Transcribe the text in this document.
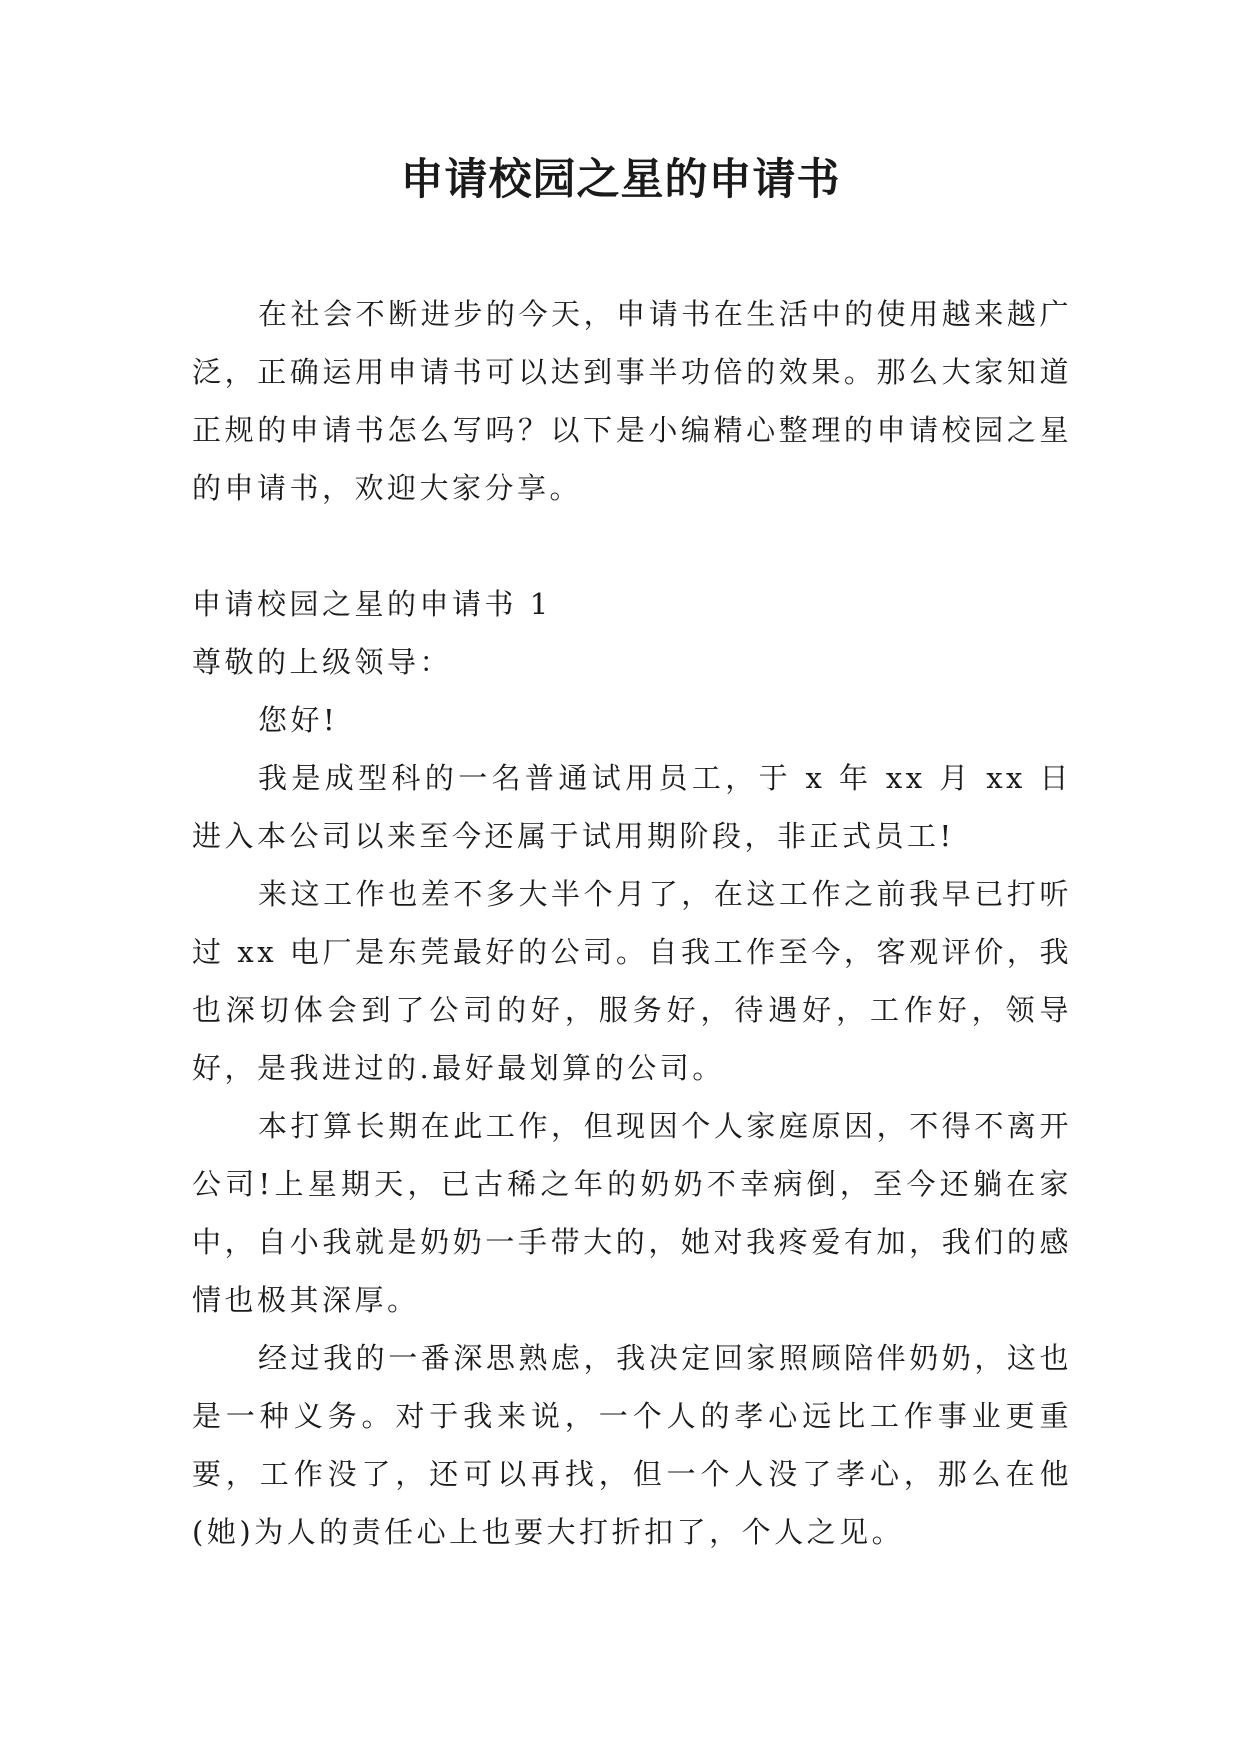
申请校园之星的申请书

在社会不断进步的今天，申请书在生活中的使用越来越广泛，正确运用申请书可以达到事半功倍的效果。那么大家知道正规的申请书怎么写吗？以下是小编精心整理的申请校园之星的申请书，欢迎大家分享。

申请校园之星的申请书 1

尊敬的上级领导：

您好!

我是成型科的一名普通试用员工，于 x 年 xx 月 xx 日进入本公司以来至今还属于试用期阶段，非正式员工!

来这工作也差不多大半个月了，在这工作之前我早已打听过 xx 电厂是东莞最好的公司。自我工作至今，客观评价，我也深切体会到了公司的好，服务好，待遇好，工作好，领导好，是我进过的.最好最划算的公司。

本打算长期在此工作，但现因个人家庭原因，不得不离开公司!上星期天，已古稀之年的奶奶不幸病倒，至今还躺在家中，自小我就是奶奶一手带大的，她对我疼爱有加，我们的感情也极其深厚。

经过我的一番深思熟虑，我决定回家照顾陪伴奶奶，这也是一种义务。对于我来说，一个人的孝心远比工作事业更重要，工作没了，还可以再找，但一个人没了孝心，那么在他(她)为人的责任心上也要大打折扣了，个人之见。
